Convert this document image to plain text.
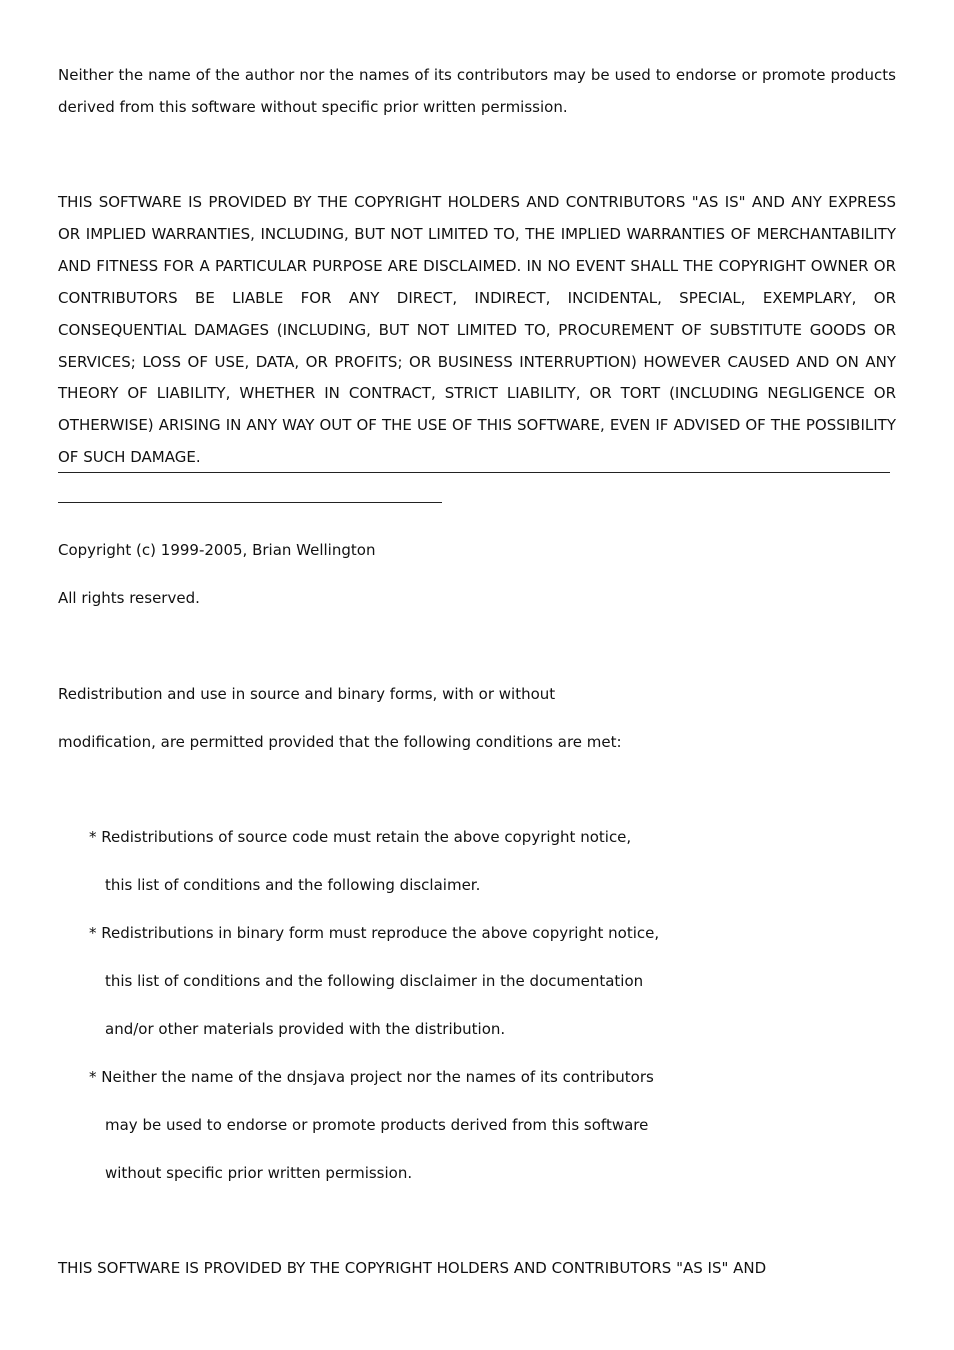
Neither the name of the author nor the names of its contributors may be used to endorse or promote products derived from this software without specific prior written permission.

THIS SOFTWARE IS PROVIDED BY THE COPYRIGHT HOLDERS AND CONTRIBUTORS "AS IS" AND ANY EXPRESS OR IMPLIED WARRANTIES, INCLUDING, BUT NOT LIMITED TO, THE IMPLIED WARRANTIES OF MERCHANTABILITY AND FITNESS FOR A PARTICULAR PURPOSE ARE DISCLAIMED. IN NO EVENT SHALL THE COPYRIGHT OWNER OR CONTRIBUTORS BE LIABLE FOR ANY DIRECT, INDIRECT, INCIDENTAL, SPECIAL, EXEMPLARY, OR CONSEQUENTIAL DAMAGES (INCLUDING, BUT NOT LIMITED TO, PROCUREMENT OF SUBSTITUTE GOODS OR SERVICES; LOSS OF USE, DATA, OR PROFITS; OR BUSINESS INTERRUPTION) HOWEVER CAUSED AND ON ANY THEORY OF LIABILITY, WHETHER IN CONTRACT, STRICT LIABILITY, OR TORT (INCLUDING NEGLIGENCE OR OTHERWISE) ARISING IN ANY WAY OUT OF THE USE OF THIS SOFTWARE, EVEN IF ADVISED OF THE POSSIBILITY OF SUCH DAMAGE.

Copyright (c) 1999-2005, Brian Wellington

All rights reserved.

Redistribution and use in source and binary forms, with or without

modification, are permitted provided that the following conditions are met:

* Redistributions of source code must retain the above copyright notice,

this list of conditions and the following disclaimer.

* Redistributions in binary form must reproduce the above copyright notice,

this list of conditions and the following disclaimer in the documentation

and/or other materials provided with the distribution.

* Neither the name of the dnsjava project nor the names of its contributors

may be used to endorse or promote products derived from this software

without specific prior written permission.

THIS SOFTWARE IS PROVIDED BY THE COPYRIGHT HOLDERS AND CONTRIBUTORS "AS IS" AND
